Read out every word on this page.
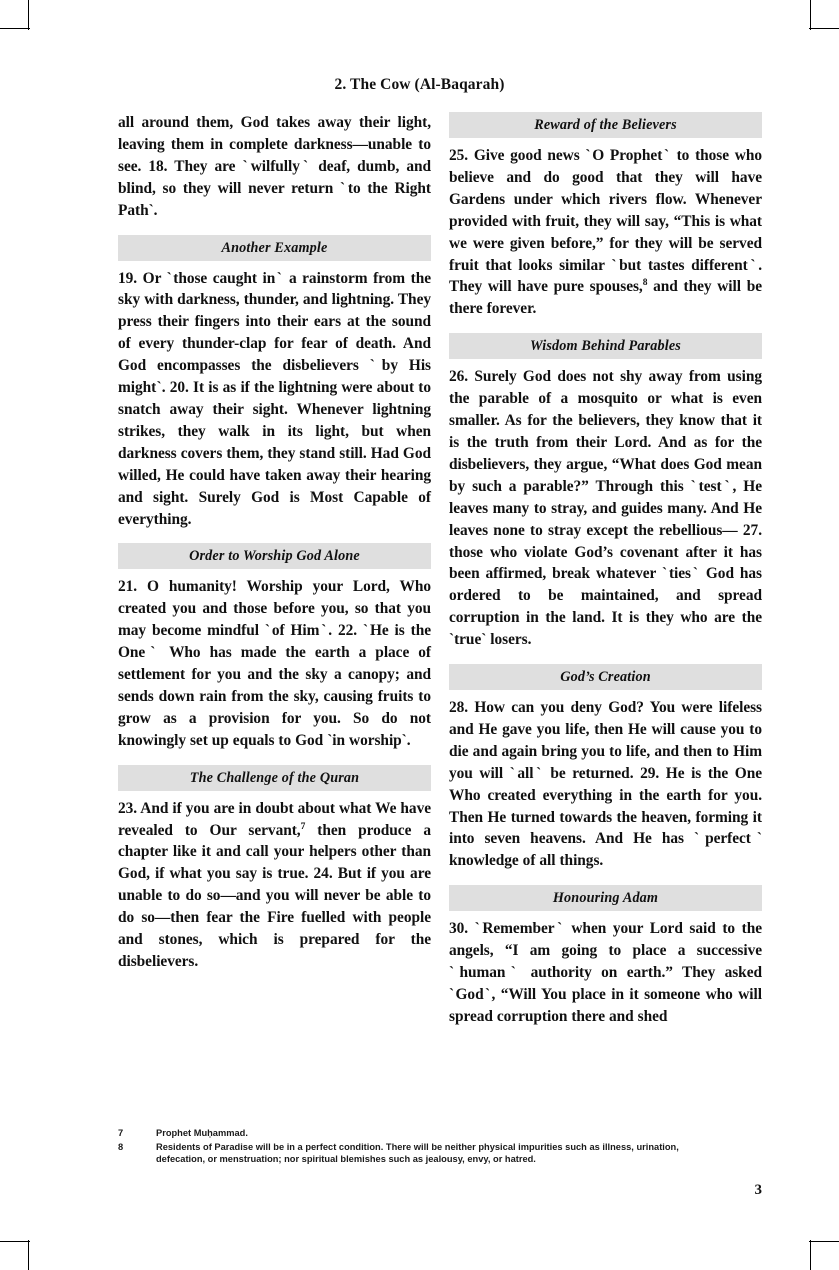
2. The Cow (Al-Baqarah)

all around them, God takes away their light, leaving them in complete darkness—unable to see. 18. They are ˋwilfullyˋ deaf, dumb, and blind, so they will never return ˋto the Right Pathˋ.

Another Example

19. Or ˋthose caught inˋ a rainstorm from the sky with darkness, thunder, and lightning. They press their fingers into their ears at the sound of every thunder-clap for fear of death. And God encompasses the disbelievers ˋby His mightˋ. 20. It is as if the lightning were about to snatch away their sight. Whenever lightning strikes, they walk in its light, but when darkness covers them, they stand still. Had God willed, He could have taken away their hearing and sight. Surely God is Most Capable of everything.

Order to Worship God Alone

21. O humanity! Worship your Lord, Who created you and those before you, so that you may become mindful ˋof Himˋ. 22. ˋHe is the Oneˋ Who has made the earth a place of settlement for you and the sky a canopy; and sends down rain from the sky, causing fruits to grow as a provision for you. So do not knowingly set up equals to God ˋin worshipˋ.

The Challenge of the Quran

23. And if you are in doubt about what We have revealed to Our servant,$^7$ then produce a chapter like it and call your helpers other than God, if what you say is true. 24. But if you are unable to do so—and you will never be able to do so—then fear the Fire fuelled with people and stones, which is prepared for the disbelievers.

Reward of the Believers

25. Give good news ˋO Prophetˋ to those who believe and do good that they will have Gardens under which rivers flow. Whenever provided with fruit, they will say, “This is what we were given before,” for they will be served fruit that looks similar ˋbut tastes differentˋ. They will have pure spouses,$^8$ and they will be there forever.

Wisdom Behind Parables

26. Surely God does not shy away from using the parable of a mosquito or what is even smaller. As for the believers, they know that it is the truth from their Lord. And as for the disbelievers, they argue, “What does God mean by such a parable?” Through this ˋtestˋ, He leaves many to stray, and guides many. And He leaves none to stray except the rebellious— 27. those who violate God’s covenant after it has been affirmed, break whatever ˋtiesˋ God has ordered to be maintained, and spread corruption in the land. It is they who are the ˋtrueˋ losers.

God’s Creation

28. How can you deny God? You were lifeless and He gave you life, then He will cause you to die and again bring you to life, and then to Him you will ˋallˋ be returned. 29. He is the One Who created everything in the earth for you. Then He turned towards the heaven, forming it into seven heavens. And He has ˋperfectˋ knowledge of all things.

Honouring Adam

30. ˋRememberˋ when your Lord said to the angels, “I am going to place a successive ˋhumanˋ authority on earth.” They asked ˋGodˋ, “Will You place in it someone who will spread corruption there and shed

7	Prophet Muḥammad.
8	Residents of Paradise will be in a perfect condition. There will be neither physical impurities such as illness, urination, defecation, or menstruation; nor spiritual blemishes such as jealousy, envy, or hatred.
3
